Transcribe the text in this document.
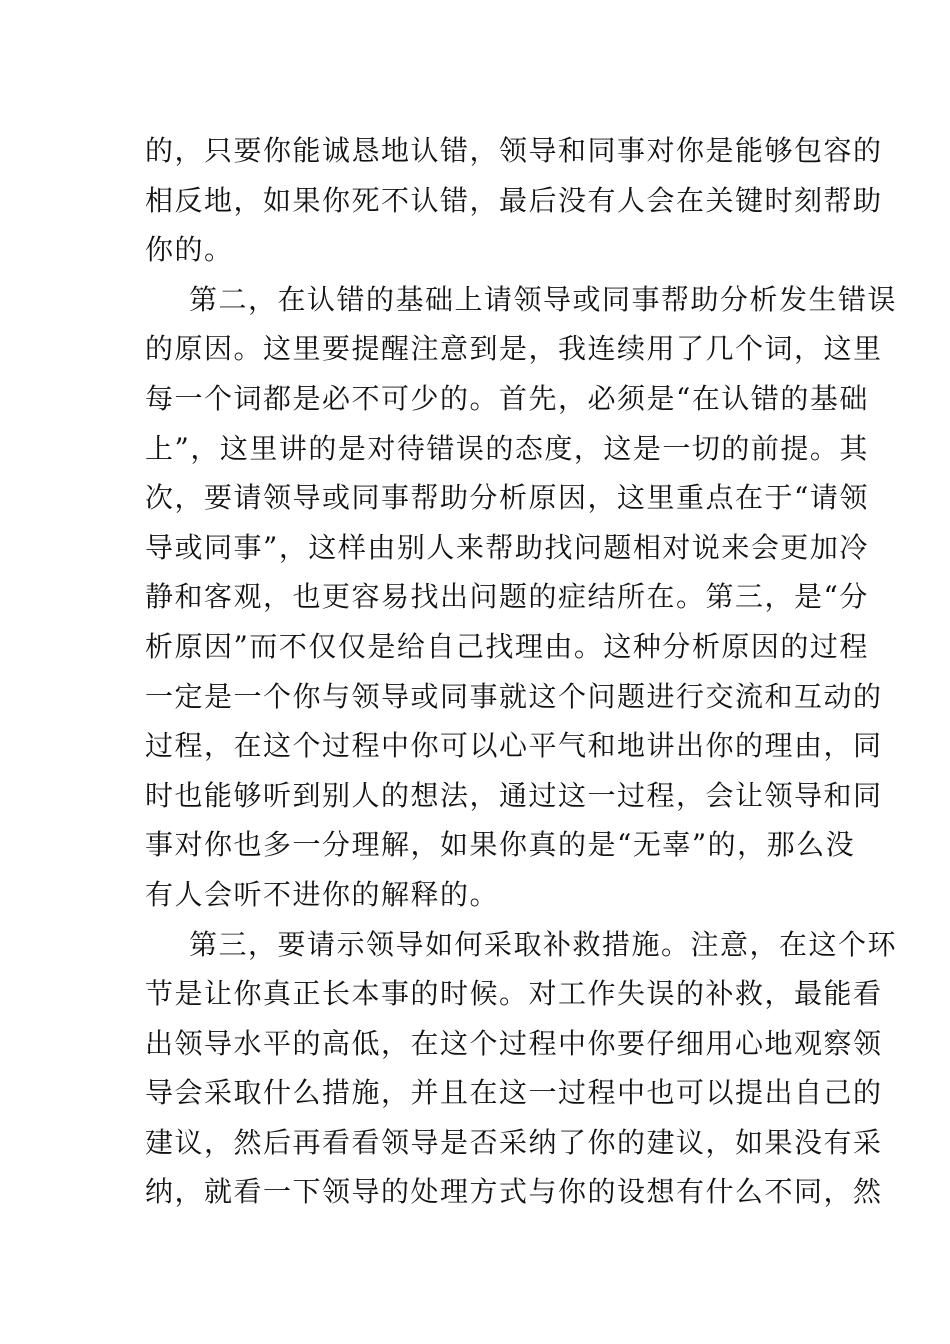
的，只要你能诚恳地认错，领导和同事对你是能够包容的
相反地，如果你死不认错，最后没有人会在关键时刻帮助
你的。
第二，在认错的基础上请领导或同事帮助分析发生错误
的原因。这里要提醒注意到是，我连续用了几个词，这里
每一个词都是必不可少的。首先，必须是“在认错的基础
上”，这里讲的是对待错误的态度，这是一切的前提。其
次，要请领导或同事帮助分析原因，这里重点在于“请领
导或同事”，这样由别人来帮助找问题相对说来会更加冷
静和客观，也更容易找出问题的症结所在。第三，是“分
析原因”而不仅仅是给自己找理由。这种分析原因的过程
一定是一个你与领导或同事就这个问题进行交流和互动的
过程，在这个过程中你可以心平气和地讲出你的理由，同
时也能够听到别人的想法，通过这一过程，会让领导和同
事对你也多一分理解，如果你真的是“无辜”的，那么没
有人会听不进你的解释的。
第三，要请示领导如何采取补救措施。注意，在这个环
节是让你真正长本事的时候。对工作失误的补救，最能看
出领导水平的高低，在这个过程中你要仔细用心地观察领
导会采取什么措施，并且在这一过程中也可以提出自己的
建议，然后再看看领导是否采纳了你的建议，如果没有采
纳，就看一下领导的处理方式与你的设想有什么不同，然
